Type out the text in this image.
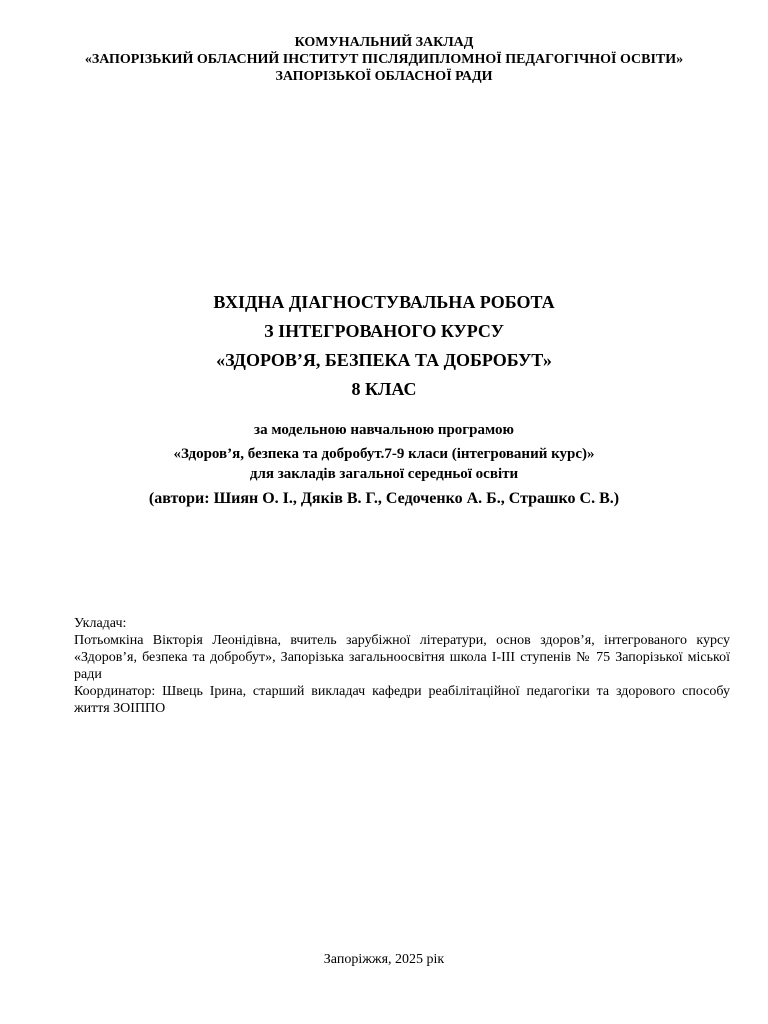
КОМУНАЛЬНИЙ ЗАКЛАД
«ЗАПОРІЗЬКИЙ ОБЛАСНИЙ ІНСТИТУТ ПІСЛЯДИПЛОМНОЇ ПЕДАГОГІЧНОЇ ОСВІТИ»
ЗАПОРІЗЬКОЇ ОБЛАСНОЇ РАДИ
ВХІДНА ДІАГНОСТУВАЛЬНА РОБОТА
З ІНТЕГРОВАНОГО КУРСУ
«ЗДОРОВ’Я, БЕЗПЕКА ТА ДОБРОБУТ»
8 КЛАС
за модельною навчальною програмою
«Здоров’я, безпека та добробут.7-9 класи (інтегрований курс)»
для закладів загальної середньої освіти
(автори: Шиян О. І., Дяків В. Г., Седоченко А. Б., Страшко С. В.)
Укладач:
Потьомкіна Вікторія Леонідівна, вчитель зарубіжної літератури, основ здоров’я, інтегрованого курсу «Здоров’я, безпека та добробут», Запорізька загальноосвітня школа І-ІІІ ступенів № 75 Запорізької міської ради
Координатор: Швець Ірина, старший викладач кафедри реабілітаційної педагогіки та здорового способу життя ЗОІППО
Запоріжжя, 2025 рік
